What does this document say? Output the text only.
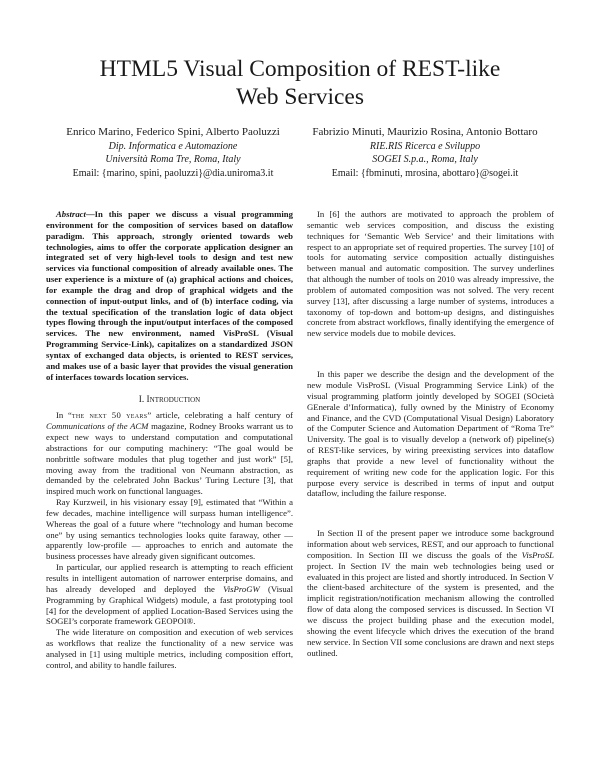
HTML5 Visual Composition of REST-like
Web Services
Enrico Marino, Federico Spini, Alberto Paoluzzi
Dip. Informatica e Automazione
Università Roma Tre, Roma, Italy
Email: {marino, spini, paoluzzi}@dia.uniroma3.it
Fabrizio Minuti, Maurizio Rosina, Antonio Bottaro
RIE.RIS Ricerca e Sviluppo
SOGEI S.p.a., Roma, Italy
Email: {fbminuti, mrosina, abottaro}@sogei.it

Abstract—In this paper we discuss a visual programming environment for the composition of services based on dataflow paradigm. This approach, strongly oriented towards web technologies, aims to offer the corporate application designer an integrated set of very high-level tools to design and test new services via functional composition of already available ones. The user experience is a mixture of (a) graphical actions and choices, for example the drag and drop of graphical widgets and the connection of input-output links, and of (b) interface coding, via the textual specification of the translation logic of data object types flowing through the input/output interfaces of the composed services. The new environment, named VisProSL (Visual Programming Service-Link), capitalizes on a standardized JSON syntax of exchanged data objects, is oriented to REST services, and makes use of a basic layer that provides the visual generation of interfaces towards location services.

I. Introduction

In “the next 50 years” article, celebrating a half century of Communications of the ACM magazine, Rodney Brooks warrant us to expect new ways to understand computation and computational abstractions for our computing machinery: “The goal would be nonbrittle software modules that plug together and just work” [5], moving away from the traditional von Neumann abstraction, as demanded by the celebrated John Backus’ Turing Lecture [3], that inspired much work on functional languages.

Ray Kurzweil, in his visionary essay [9], estimated that “Within a few decades, machine intelligence will surpass human intelligence”. Whereas the goal of a future where “technology and human become one” by using semantics technologies looks quite faraway, other — apparently low-profile — approaches to enrich and automate the business processes have already given significant outcomes.

In particular, our applied research is attempting to reach efficient results in intelligent automation of narrower enterprise domains, and has already developed and deployed the VisProGW (Visual Programming by Graphical Widgets) module, a fast prototyping tool [4] for the development of applied Location-Based Services using the SOGEI’s corporate framework GEOPOI®.

The wide literature on composition and execution of web services as workflows that realize the functionality of a new service was analysed in [1] using multiple metrics, including composition effort, control, and ability to handle failures.

In [6] the authors are motivated to approach the problem of semantic web services composition, and discuss the existing techniques for ‘Semantic Web Service’ and their limitations with respect to an appropriate set of required properties. The survey [10] of tools for automating service composition actually distinguishes between manual and automatic composition. The survey underlines that although the number of tools on 2010 was already impressive, the problem of automated composition was not solved. The very recent survey [13], after discussing a large number of systems, introduces a taxonomy of top-down and bottom-up designs, and distinguishes concrete from abstract workflows, finally identifying the emergence of new service models due to mobile devices.

In this paper we describe the design and the development of the new module VisProSL (Visual Programming Service Link) of the visual programming platform jointly developed by SOGEI (SOcietà GEnerale d’Informatica), fully owned by the Ministry of Economy and Finance, and the CVD (Computational Visual Design) Laboratory of the Computer Science and Automation Department of “Roma Tre” University. The goal is to visually develop a (network of) pipeline(s) of REST-like services, by wiring preexisting services into dataflow graphs that provide a new level of functionality without the requirement of writing new code for the application logic. For this purpose every service is described in terms of input and output dataflow, including the failure response.

In Section II of the present paper we introduce some background information about web services, REST, and our approach to functional composition. In Section III we discuss the goals of the VisProSL project. In Section IV the main web technologies being used or evaluated in this project are listed and shortly introduced. In Section V the client-based architecture of the system is presented, and the implicit registration/notification mechanism allowing the controlled flow of data along the composed services is discussed. In Section VI we discuss the project building phase and the execution model, showing the event lifecycle which drives the execution of the brand new service. In Section VII some conclusions are drawn and next steps outlined.
